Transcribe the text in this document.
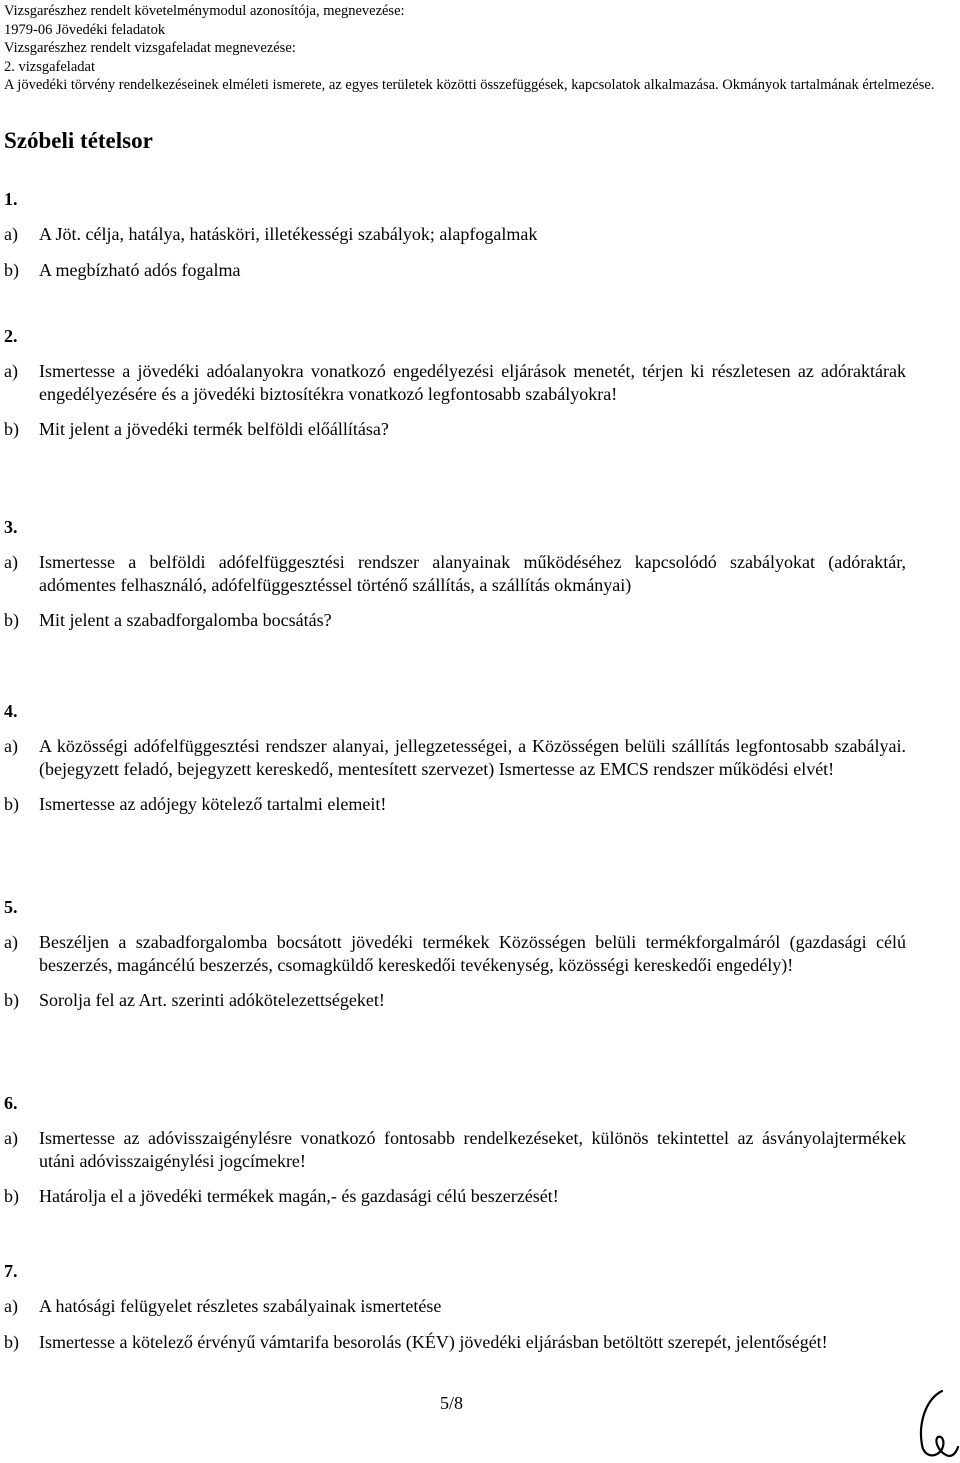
Vizsgarészhez rendelt követelménymodul azonosítója, megnevezése:
1979-06 Jövedéki feladatok
Vizsgarészhez rendelt vizsgafeladat megnevezése:
2. vizsgafeladat
A jövedéki törvény rendelkezéseinek elméleti ismerete, az egyes területek közötti összefüggések, kapcsolatok alkalmazása. Okmányok tartalmának értelmezése.
Szóbeli tételsor
1.
a) A Jöt. célja, hatálya, hatásköri, illetékességi szabályok; alapfogalmak
b) A megbízható adós fogalma
2.
a) Ismertesse a jövedéki adóalanyokra vonatkozó engedélyezési eljárások menetét, térjen ki részletesen az adóraktárak engedélyezésére és a jövedéki biztosítékra vonatkozó legfontosabb szabályokra!
b) Mit jelent a jövedéki termék belföldi előállítása?
3.
a) Ismertesse a belföldi adófelfüggesztési rendszer alanyainak működéséhez kapcsolódó szabályokat (adóraktár, adómentes felhasználó, adófelfüggesztéssel történő szállítás, a szállítás okmányai)
b) Mit jelent a szabadforgalomba bocsátás?
4.
a) A közösségi adófelfüggesztési rendszer alanyai, jellegzetességei, a Közösségen belüli szállítás legfontosabb szabályai. (bejegyzett feladó, bejegyzett kereskedő, mentesített szervezet) Ismertesse az EMCS rendszer működési elvét!
b) Ismertesse az adójegy kötelező tartalmi elemeit!
5.
a) Beszéljen a szabadforgalomba bocsátott jövedéki termékek Közösségen belüli termékforgalmáról (gazdasági célú beszerzés, magáncélú beszerzés, csomagküldő kereskedői tevékenység, közösségi kereskedői engedély)!
b) Sorolja fel az Art. szerinti adókötelezettségeket!
6.
a) Ismertesse az adóvisszaigénylésre vonatkozó fontosabb rendelkezéseket, különös tekintettel az ásványolajtermékek utáni adóvisszaigénylési jogcímekre!
b) Határolja el a jövedéki termékek magán,- és gazdasági célú beszerzését!
7.
a) A hatósági felügyelet részletes szabályainak ismertetése
b) Ismertesse a kötelező érvényű vámtarifa besorolás (KÉV) jövedéki eljárásban betöltött szerepét, jelentőségét!
5/8
